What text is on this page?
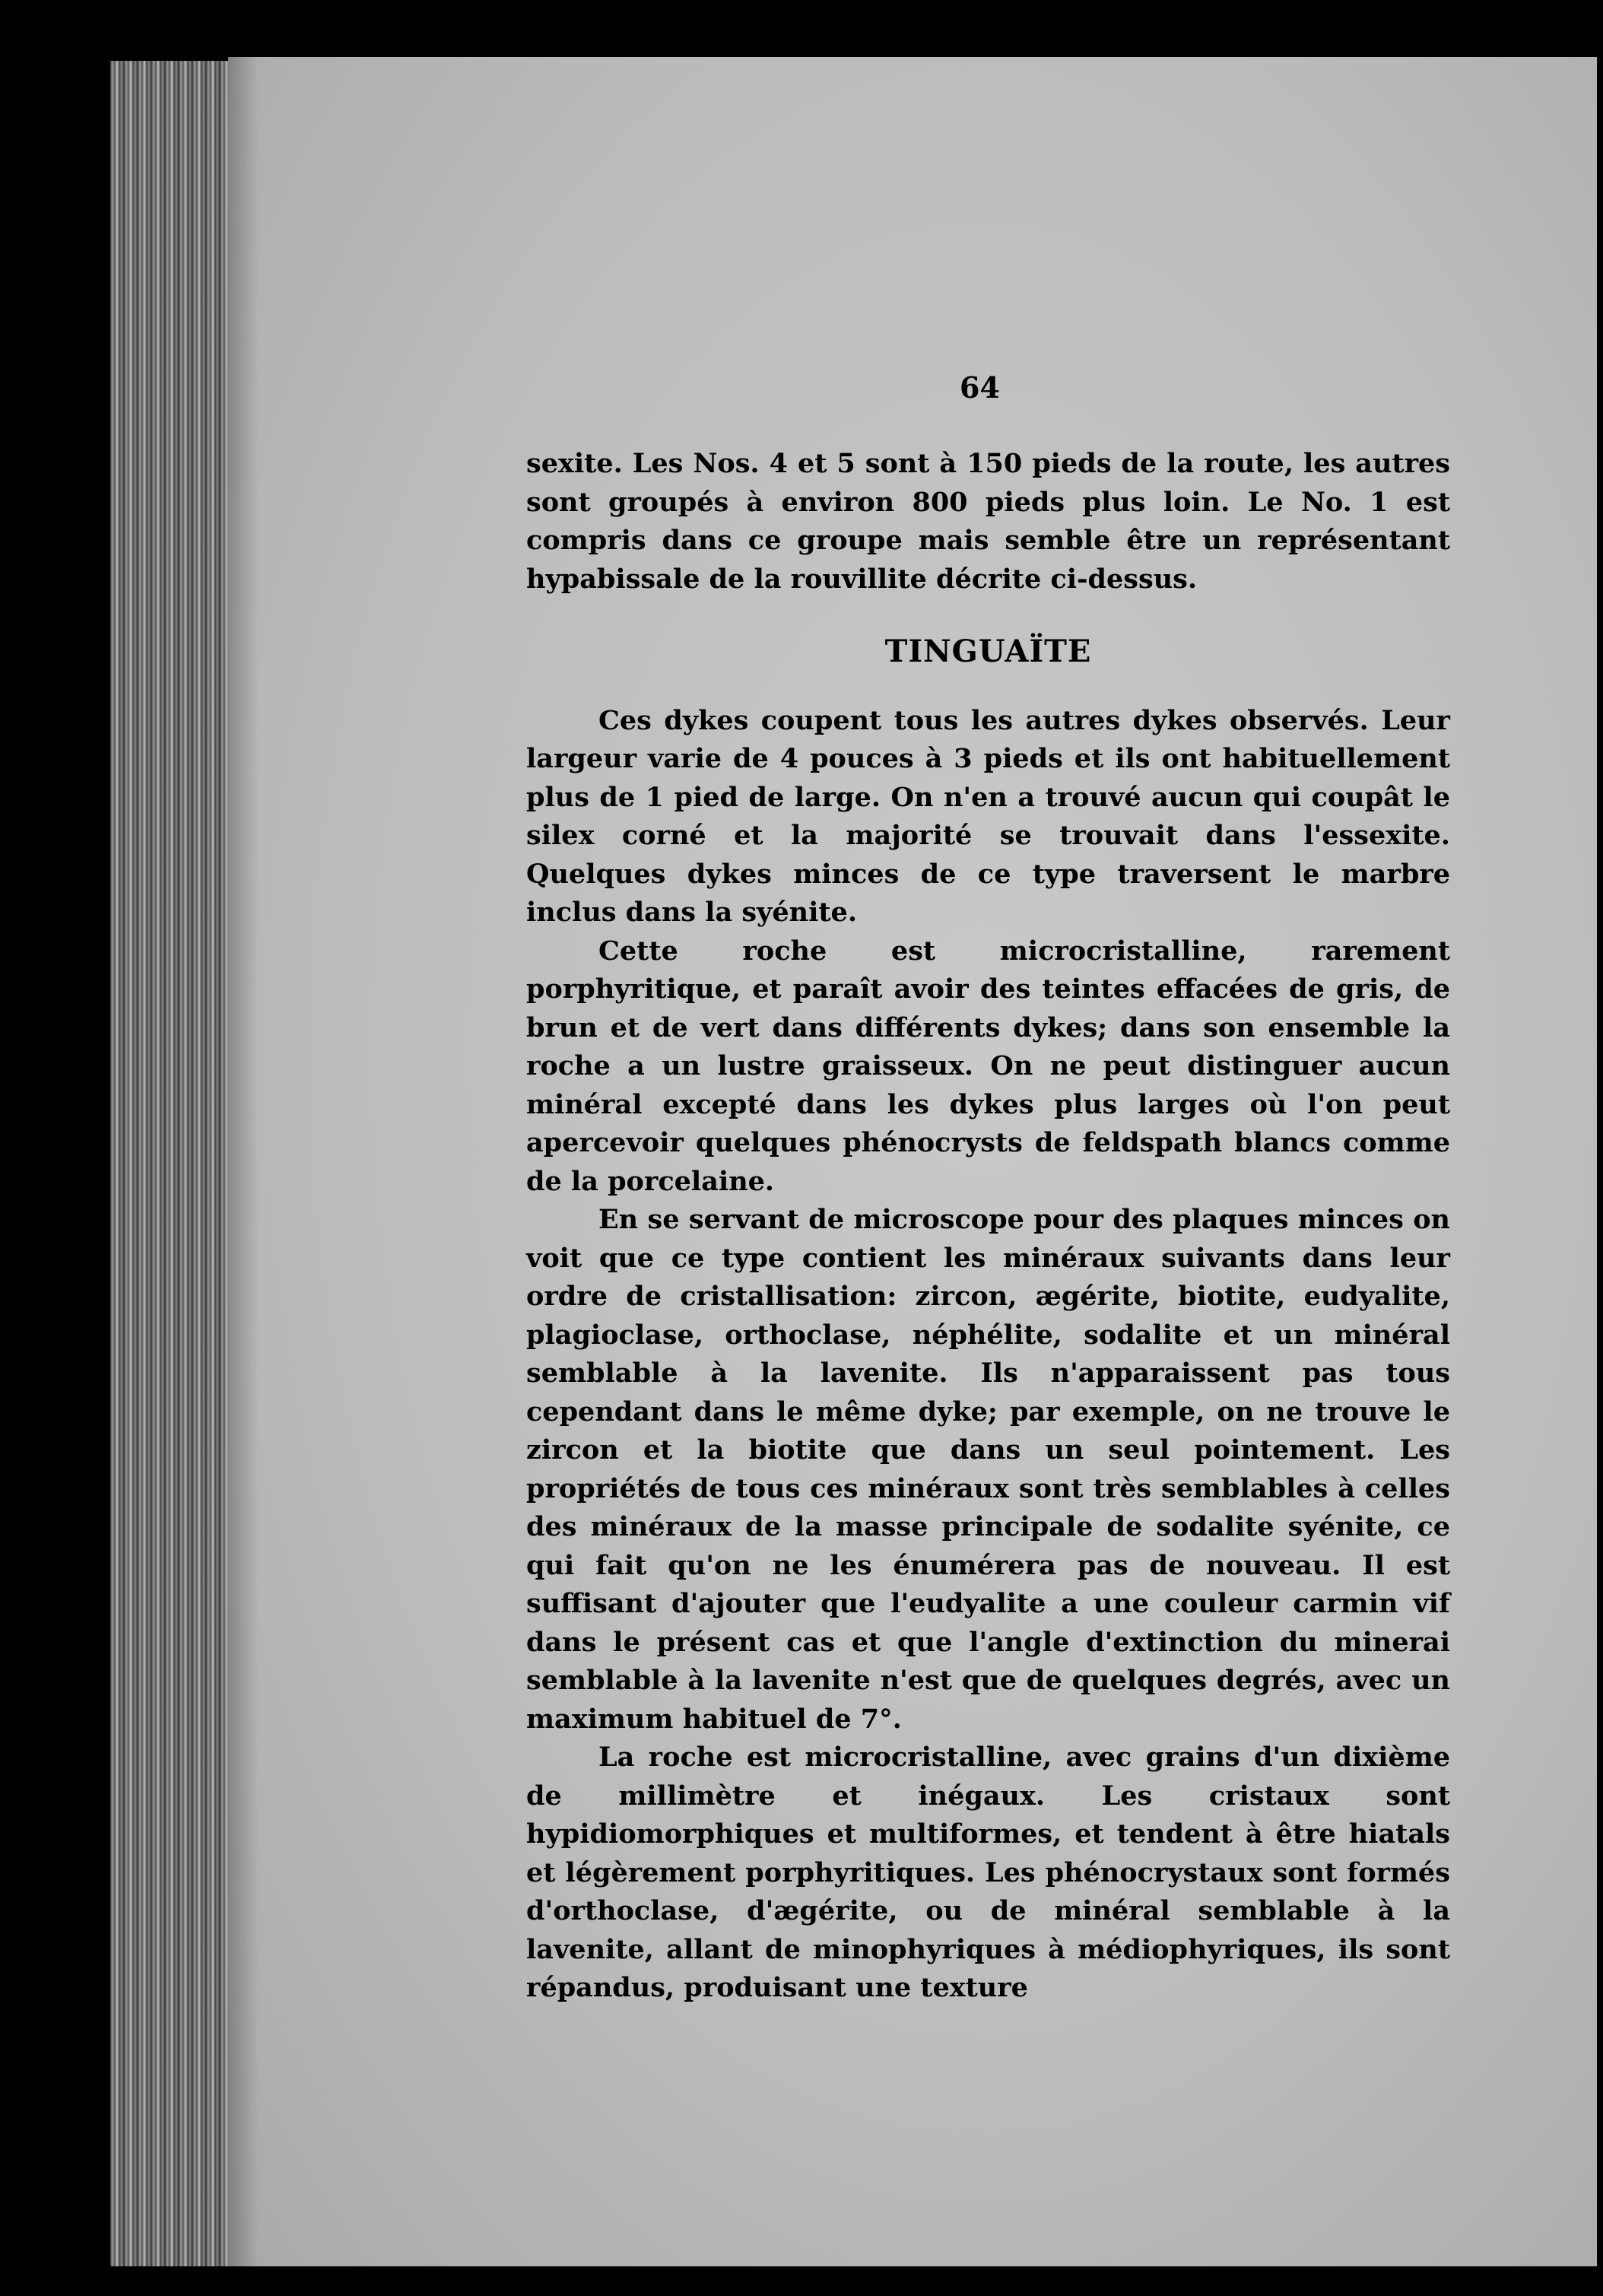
64

sexite. Les Nos. 4 et 5 sont à 150 pieds de la route, les autres sont groupés à environ 800 pieds plus loin. Le No. 1 est compris dans ce groupe mais semble être un représentant hypabissale de la rouvillite décrite ci-dessus.

TINGUAÏTE

Ces dykes coupent tous les autres dykes observés. Leur largeur varie de 4 pouces à 3 pieds et ils ont habituellement plus de 1 pied de large. On n'en a trouvé aucun qui coupât le silex corné et la majorité se trouvait dans l'essexite. Quelques dykes minces de ce type traversent le marbre inclus dans la syénite.

Cette roche est microcristalline, rarement porphyritique, et paraît avoir des teintes effacées de gris, de brun et de vert dans différents dykes; dans son ensemble la roche a un lustre graisseux. On ne peut distinguer aucun minéral excepté dans les dykes plus larges où l'on peut apercevoir quelques phénocrysts de feldspath blancs comme de la porcelaine.

En se servant de microscope pour des plaques minces on voit que ce type contient les minéraux suivants dans leur ordre de cristallisation: zircon, ægérite, biotite, eudyalite, plagioclase, orthoclase, néphélite, sodalite et un minéral semblable à la lavenite. Ils n'apparaissent pas tous cependant dans le même dyke; par exemple, on ne trouve le zircon et la biotite que dans un seul pointement. Les propriétés de tous ces minéraux sont très semblables à celles des minéraux de la masse principale de sodalite syénite, ce qui fait qu'on ne les énumérera pas de nouveau. Il est suffisant d'ajouter que l'eudyalite a une couleur carmin vif dans le présent cas et que l'angle d'extinction du minerai semblable à la lavenite n'est que de quelques degrés, avec un maximum habituel de 7°.

La roche est microcristalline, avec grains d'un dixième de millimètre et inégaux. Les cristaux sont hypidiomorphiques et multiformes, et tendent à être hiatals et légèrement porphyritiques. Les phénocrystaux sont formés d'orthoclase, d'ægérite, ou de minéral semblable à la lavenite, allant de minophyriques à médiophyriques, ils sont répandus, produisant une texture
